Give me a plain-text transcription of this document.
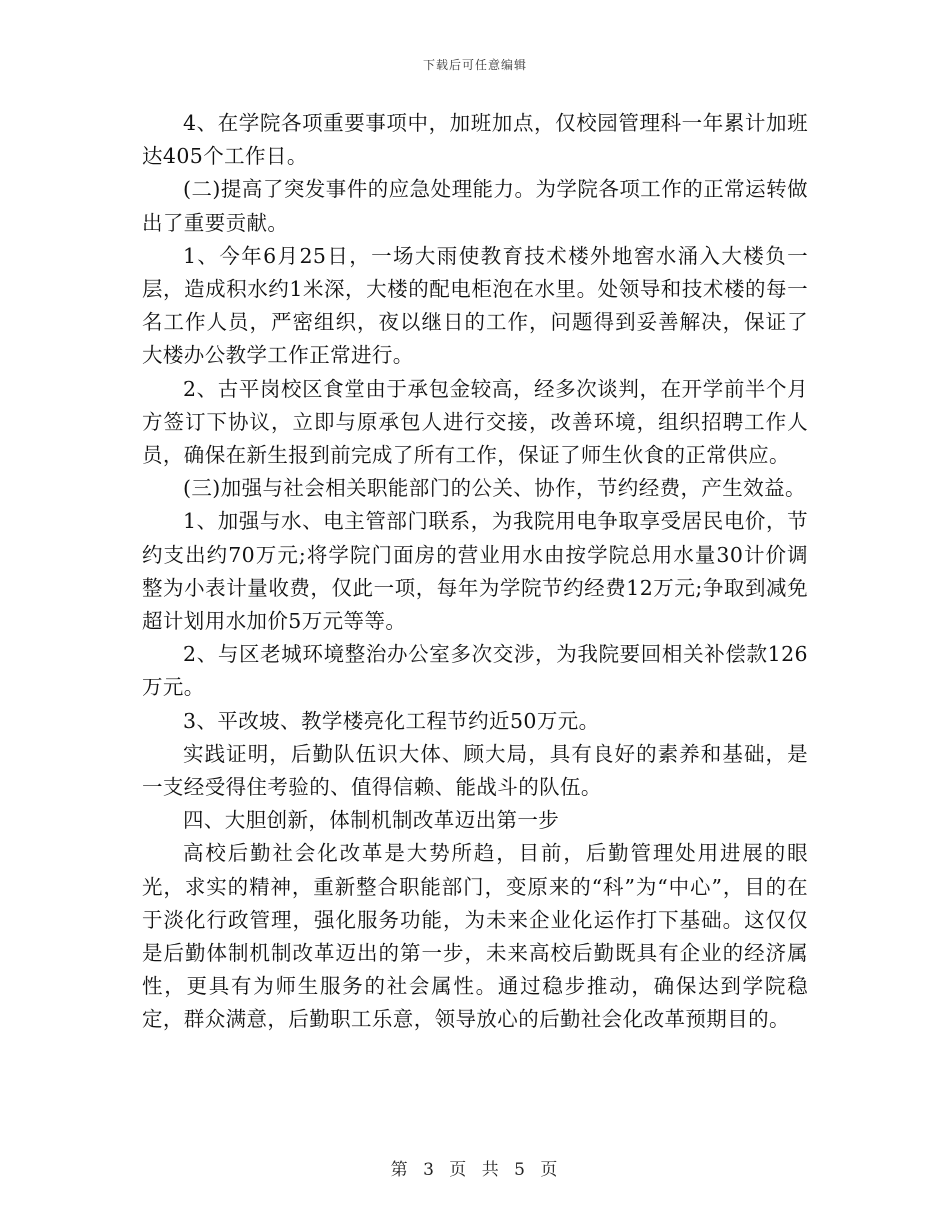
下载后可任意编辑

4、在学院各项重要事项中，加班加点，仅校园管理科一年累计加班达405个工作日。

(二)提高了突发事件的应急处理能力。为学院各项工作的正常运转做出了重要贡献。

1、今年6月25日，一场大雨使教育技术楼外地窖水涌入大楼负一层，造成积水约1米深，大楼的配电柜泡在水里。处领导和技术楼的每一名工作人员，严密组织，夜以继日的工作，问题得到妥善解决，保证了大楼办公教学工作正常进行。

2、古平岗校区食堂由于承包金较高，经多次谈判，在开学前半个月方签订下协议，立即与原承包人进行交接，改善环境，组织招聘工作人员，确保在新生报到前完成了所有工作，保证了师生伙食的正常供应。

(三)加强与社会相关职能部门的公关、协作，节约经费，产生效益。

1、加强与水、电主管部门联系，为我院用电争取享受居民电价，节约支出约70万元;将学院门面房的营业用水由按学院总用水量30计价调整为小表计量收费，仅此一项，每年为学院节约经费12万元;争取到减免超计划用水加价5万元等等。

2、与区老城环境整治办公室多次交涉，为我院要回相关补偿款126万元。

3、平改坡、教学楼亮化工程节约近50万元。

实践证明，后勤队伍识大体、顾大局，具有良好的素养和基础，是一支经受得住考验的、值得信赖、能战斗的队伍。

四、大胆创新，体制机制改革迈出第一步

高校后勤社会化改革是大势所趋，目前，后勤管理处用进展的眼光，求实的精神，重新整合职能部门，变原来的“科”为“中心”，目的在于淡化行政管理，强化服务功能，为未来企业化运作打下基础。这仅仅是后勤体制机制改革迈出的第一步，未来高校后勤既具有企业的经济属性，更具有为师生服务的社会属性。通过稳步推动，确保达到学院稳定，群众满意，后勤职工乐意，领导放心的后勤社会化改革预期目的。

第 3 页 共 5 页
